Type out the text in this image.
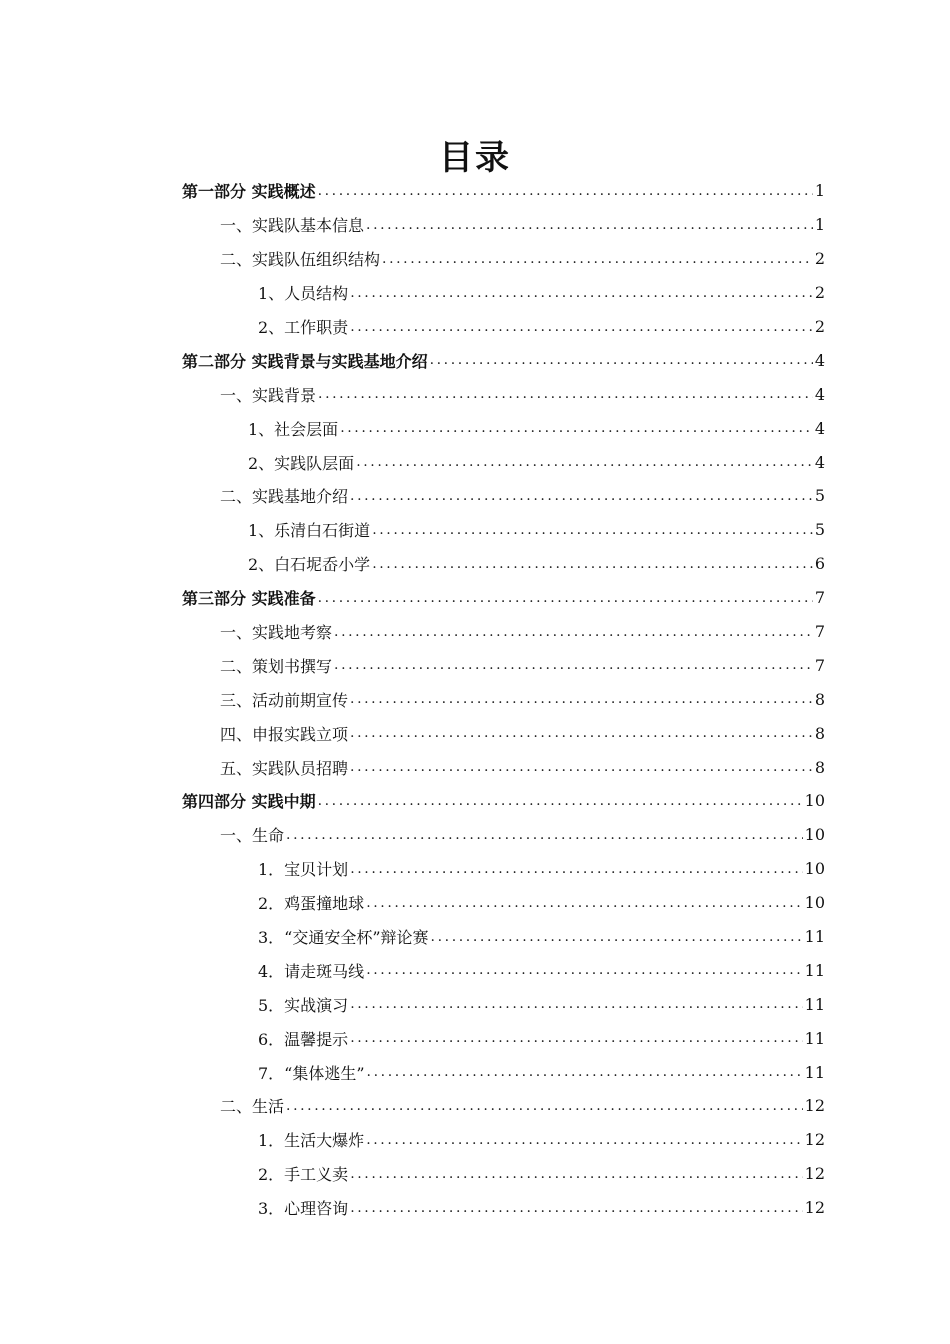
目录
第一部分 实践概述 .....	1
一、实践队基本信息 .....	1
二、实践队伍组织结构 .....	2
1、人员结构 .....	2
2、工作职责 .....	2
第二部分 实践背景与实践基地介绍 .....	4
一、实践背景 .....	4
1、社会层面 .....	4
2、实践队层面 .....	4
二、实践基地介绍 .....	5
1、乐清白石街道 .....	5
2、白石坭岙小学 .....	6
第三部分 实践准备 .....	7
一、实践地考察 .....	7
二、策划书撰写 .....	7
三、活动前期宣传 .....	8
四、申报实践立项 .....	8
五、实践队员招聘 .....	8
第四部分 实践中期 .....	10
一、生命 .....	10
1．宝贝计划 .....	10
2．鸡蛋撞地球 .....	10
3．“交通安全杯”辩论赛 .....	11
4．请走斑马线 .....	11
5．实战演习 .....	11
6．温馨提示 .....	11
7．“集体逃生” .....	11
二、生活 .....	12
1．生活大爆炸 .....	12
2．手工义卖 .....	12
3．心理咨询 .....	12
